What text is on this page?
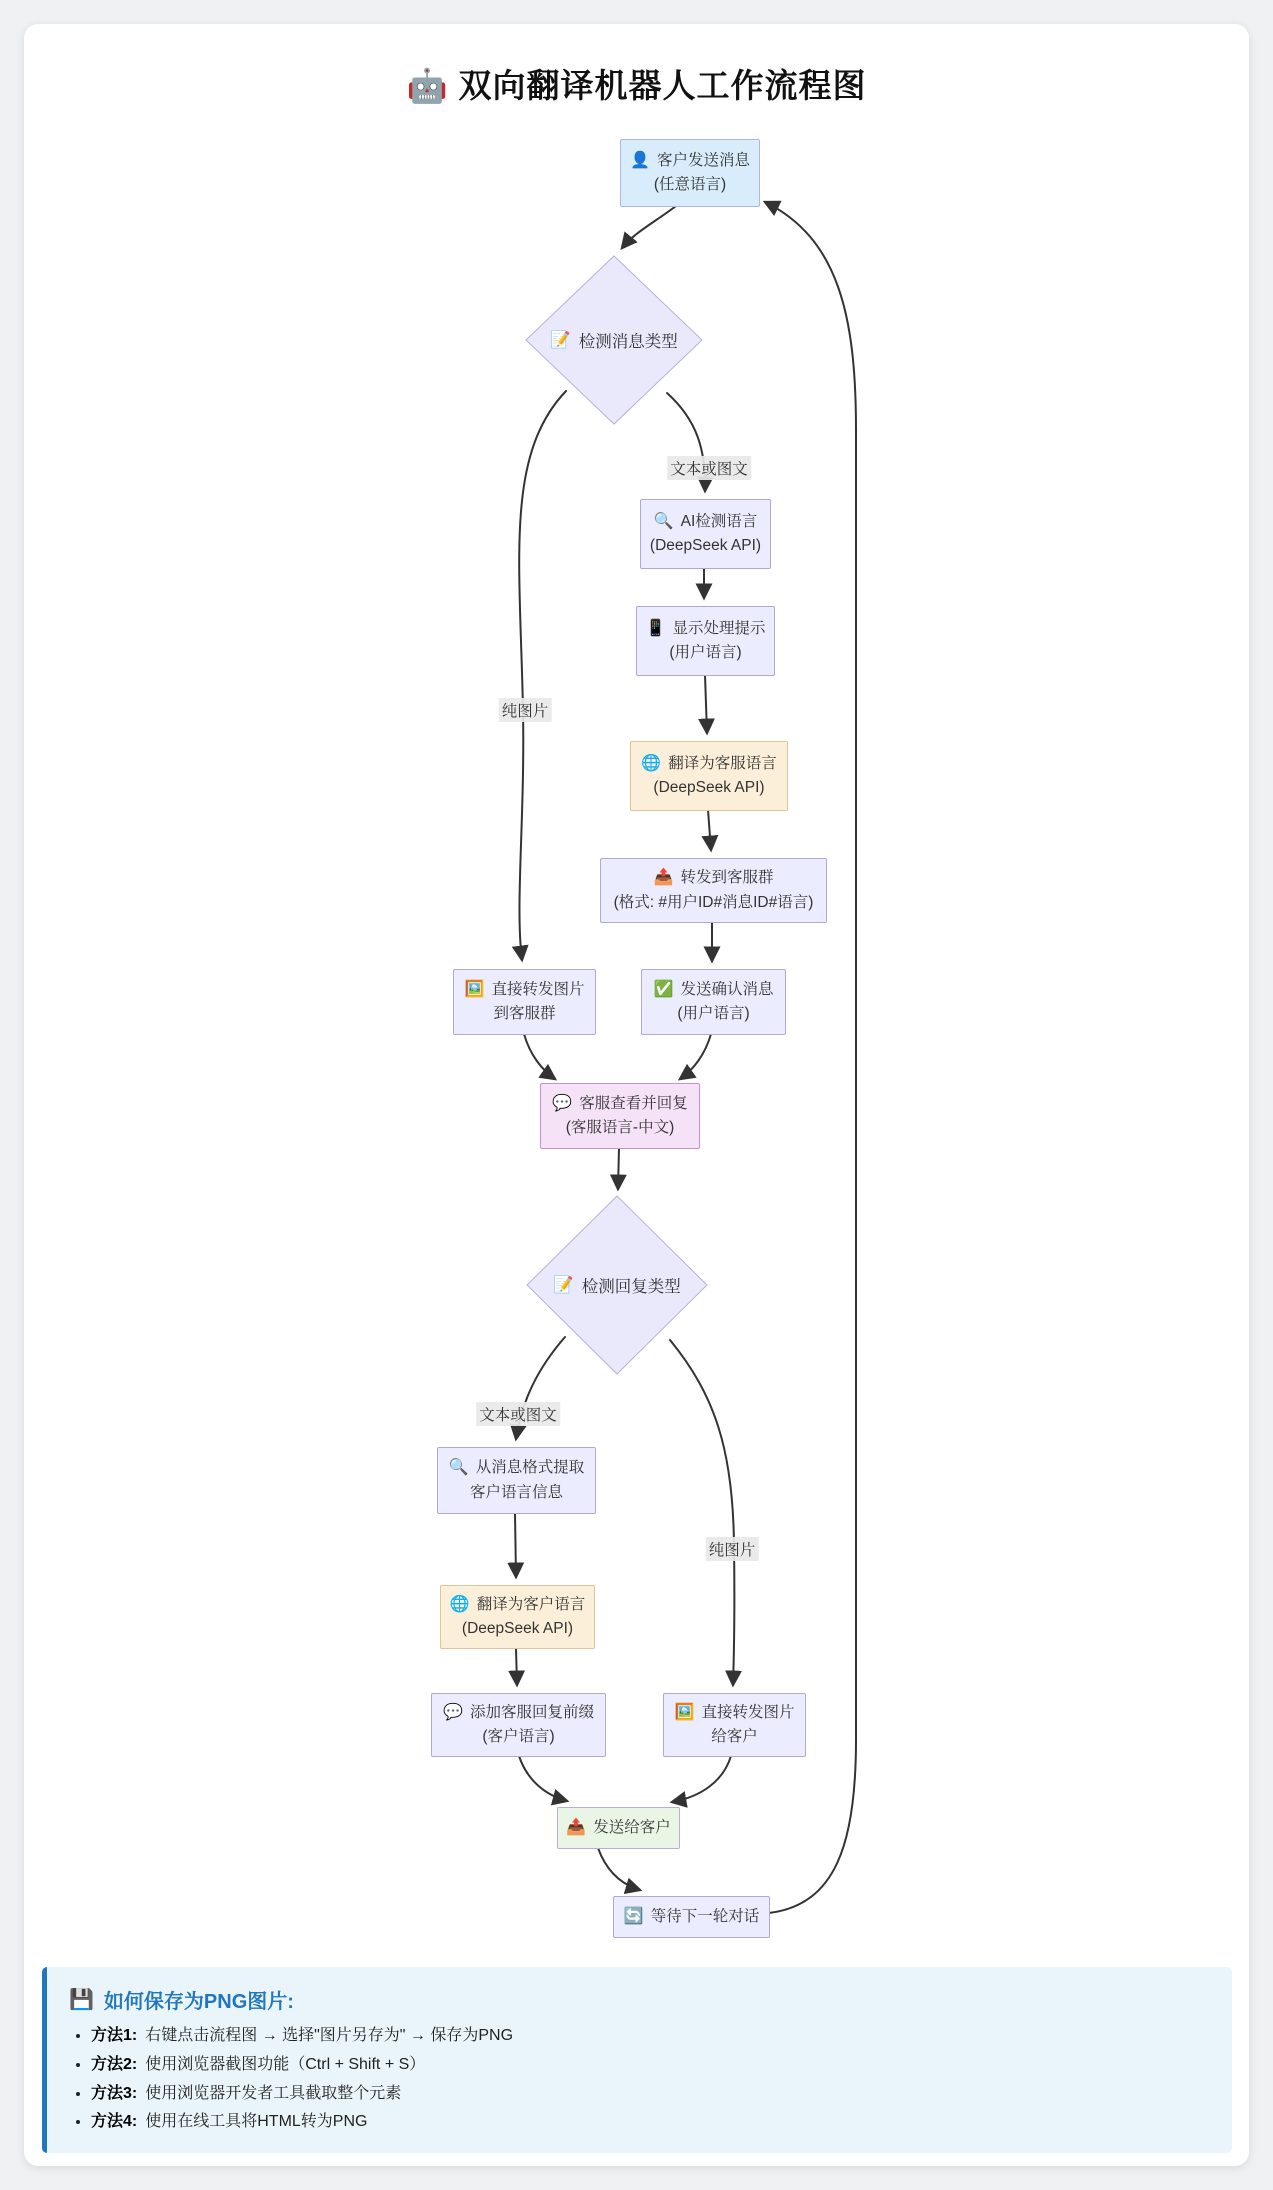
🤖 双向翻译机器人工作流程图
👤 客户发送消息
(任意语言)
📝 检测消息类型
🔍 AI检测语言
(DeepSeek API)
📱 显示处理提示
(用户语言)
🌐 翻译为客服语言
(DeepSeek API)
📤 转发到客服群
(格式: #用户ID#消息ID#语言)
🖼️ 直接转发图片
到客服群
✅ 发送确认消息
(用户语言)
💬 客服查看并回复
(客服语言-中文)
📝 检测回复类型
🔍 从消息格式提取
客户语言信息
🌐 翻译为客户语言
(DeepSeek API)
💬 添加客服回复前缀
(客户语言)
🖼️ 直接转发图片
给客户
📤 发送给客户
🔄 等待下一轮对话
文本或图文
纯图片
文本或图文
纯图片
💾 如何保存为PNG图片:
• 方法1: 右键点击流程图 → 选择"图片另存为" → 保存为PNG
• 方法2: 使用浏览器截图功能（Ctrl + Shift + S）
• 方法3: 使用浏览器开发者工具截取整个元素
• 方法4: 使用在线工具将HTML转为PNG
